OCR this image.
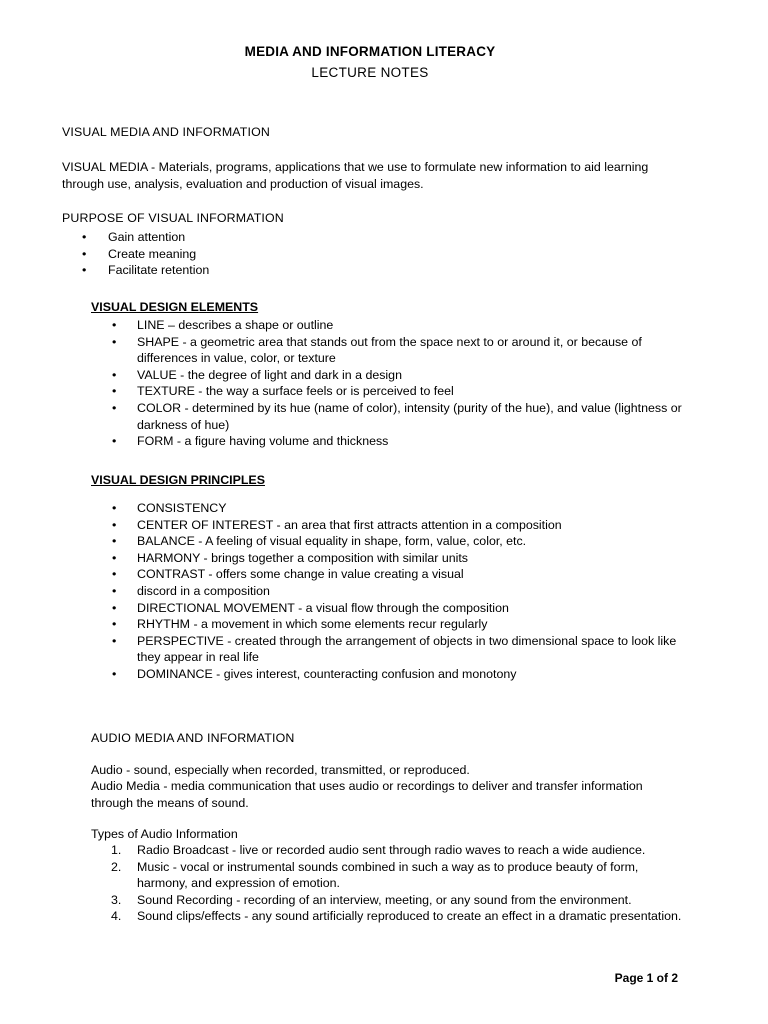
MEDIA AND INFORMATION LITERACY
LECTURE NOTES
VISUAL MEDIA AND INFORMATION
VISUAL MEDIA - Materials, programs, applications that we use to formulate new information to aid learning through use, analysis, evaluation and production of visual images.
PURPOSE OF VISUAL INFORMATION
• Gain attention
• Create meaning
• Facilitate retention
VISUAL DESIGN ELEMENTS
• LINE – describes a shape or outline
• SHAPE - a geometric area that stands out from the space next to or around it, or because of differences in value, color, or texture
• VALUE - the degree of light and dark in a design
• TEXTURE - the way a surface feels or is perceived to feel
• COLOR - determined by its hue (name of color), intensity (purity of the hue), and value (lightness or darkness of hue)
• FORM - a figure having volume and thickness
VISUAL DESIGN PRINCIPLES
• CONSISTENCY
• CENTER OF INTEREST - an area that first attracts attention in a composition
• BALANCE - A feeling of visual equality in shape, form, value, color, etc.
• HARMONY - brings together a composition with similar units
• CONTRAST - offers some change in value creating a visual
• discord in a composition
• DIRECTIONAL MOVEMENT - a visual flow through the composition
• RHYTHM - a movement in which some elements recur regularly
• PERSPECTIVE - created through the arrangement of objects in two dimensional space to look like they appear in real life
• DOMINANCE - gives interest, counteracting confusion and monotony
AUDIO MEDIA AND INFORMATION
Audio - sound, especially when recorded, transmitted, or reproduced.
Audio Media - media communication that uses audio or recordings to deliver and transfer information through the means of sound.
Types of Audio Information
1. Radio Broadcast - live or recorded audio sent through radio waves to reach a wide audience.
2. Music - vocal or instrumental sounds combined in such a way as to produce beauty of form, harmony, and expression of emotion.
3. Sound Recording - recording of an interview, meeting, or any sound from the environment.
4. Sound clips/effects - any sound artificially reproduced to create an effect in a dramatic presentation.
Page 1 of 2
